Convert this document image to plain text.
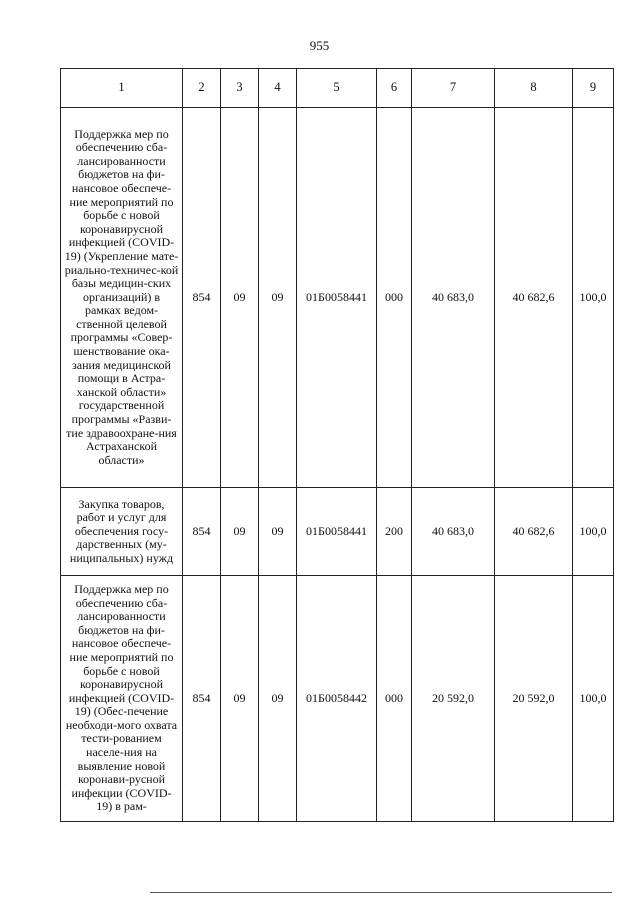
955
1	2	3	4	5	6	7	8	9
Поддержка мер по обеспечению сба-лансированности бюджетов на фи-нансовое обеспече-ние мероприятий по борьбе с новой коронавирусной инфекцией (COVID-19) (Укрепление мате-риально-техничес-кой базы медицин-ских организаций) в рамках ведом-ственной целевой программы «Совер-шенствование ока-зания медицинской помощи в Астра-ханской области» государственной программы «Разви-тие здравоохране-ния Астраханской области»	854	09	09	01Б0058441	000	40 683,0	40 682,6	100,0
Закупка товаров, работ и услуг для обеспечения госу-дарственных (му-ниципальных) нужд	854	09	09	01Б0058441	200	40 683,0	40 682,6	100,0
Поддержка мер по обеспечению сба-лансированности бюджетов на фи-нансовое обеспече-ние мероприятий по борьбе с новой коронавирусной инфекцией (COVID-19) (Обес-печение необходи-мого охвата тести-рованием населе-ния на выявление новой коронави-русной инфекции (COVID-19) в рам-	854	09	09	01Б0058442	000	20 592,0	20 592,0	100,0
